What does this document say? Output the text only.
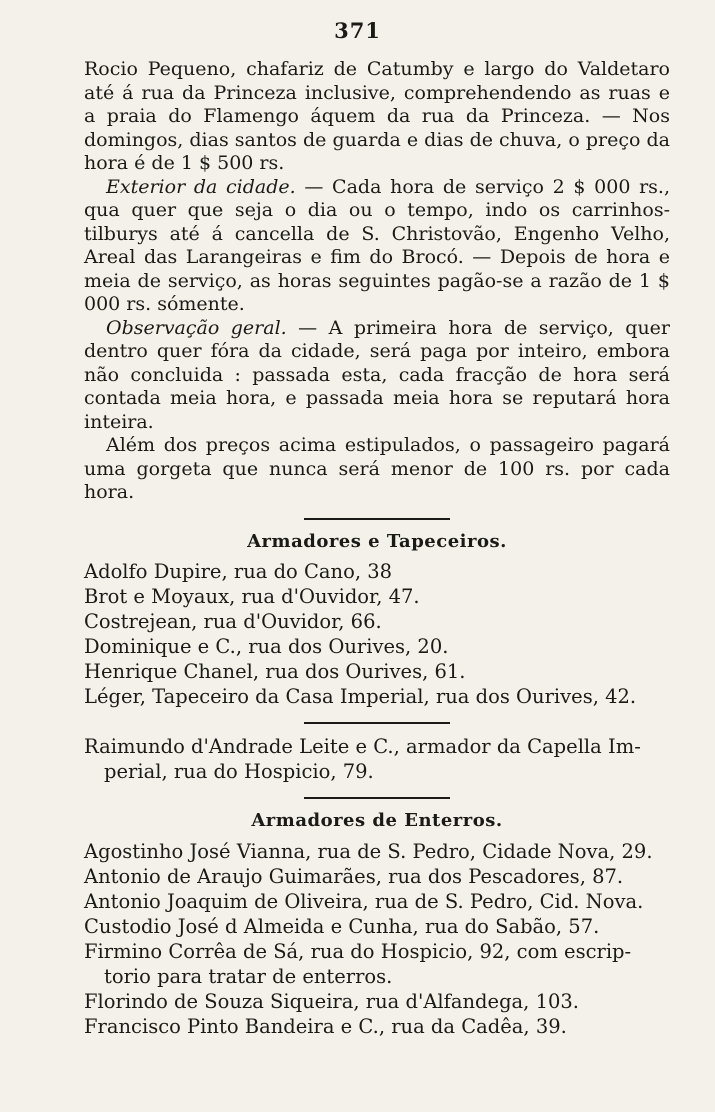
371

Rocio Pequeno, chafariz de Catumby e largo do Valdetaro até á rua da Princeza inclusive, comprehendendo as ruas e a praia do Flamengo áquem da rua da Princeza. — Nos domingos, dias santos de guarda e dias de chuva, o preço da hora é de 1 $ 500 rs.

Exterior da cidade. — Cada hora de serviço 2 $ 000 rs., qua quer que seja o dia ou o tempo, indo os carrinhos-tilburys até á cancella de S. Christovão, Engenho Velho, Areal das Larangeiras e fim do Brocó. — Depois de hora e meia de serviço, as horas seguintes pagão-se a razão de 1 $ 000 rs. sómente.

Observação geral. — A primeira hora de serviço, quer dentro quer fóra da cidade, será paga por inteiro, embora não concluida : passada esta, cada fracção de hora será contada meia hora, e passada meia hora se reputará hora inteira.

Além dos preços acima estipulados, o passageiro pagará uma gorgeta que nunca será menor de 100 rs. por cada hora.

Armadores e Tapeceiros.
Adolfo Dupire, rua do Cano, 38
Brot e Moyaux, rua d'Ouvidor, 47.
Costrejean, rua d'Ouvidor, 66.
Dominique e C., rua dos Ourives, 20.
Henrique Chanel, rua dos Ourives, 61.
Léger, Tapeceiro da Casa Imperial, rua dos Ourives, 42.
Raimundo d'Andrade Leite e C., armador da Capella Im-
perial, rua do Hospicio, 79.
Armadores de Enterros.
Agostinho José Vianna, rua de S. Pedro, Cidade Nova, 29.
Antonio de Araujo Guimarães, rua dos Pescadores, 87.
Antonio Joaquim de Oliveira, rua de S. Pedro, Cid. Nova.
Custodio José d Almeida e Cunha, rua do Sabão, 57.
Firmino Corrêa de Sá, rua do Hospicio, 92, com escrip-
torio para tratar de enterros.
Florindo de Souza Siqueira, rua d'Alfandega, 103.
Francisco Pinto Bandeira e C., rua da Cadêa, 39.
